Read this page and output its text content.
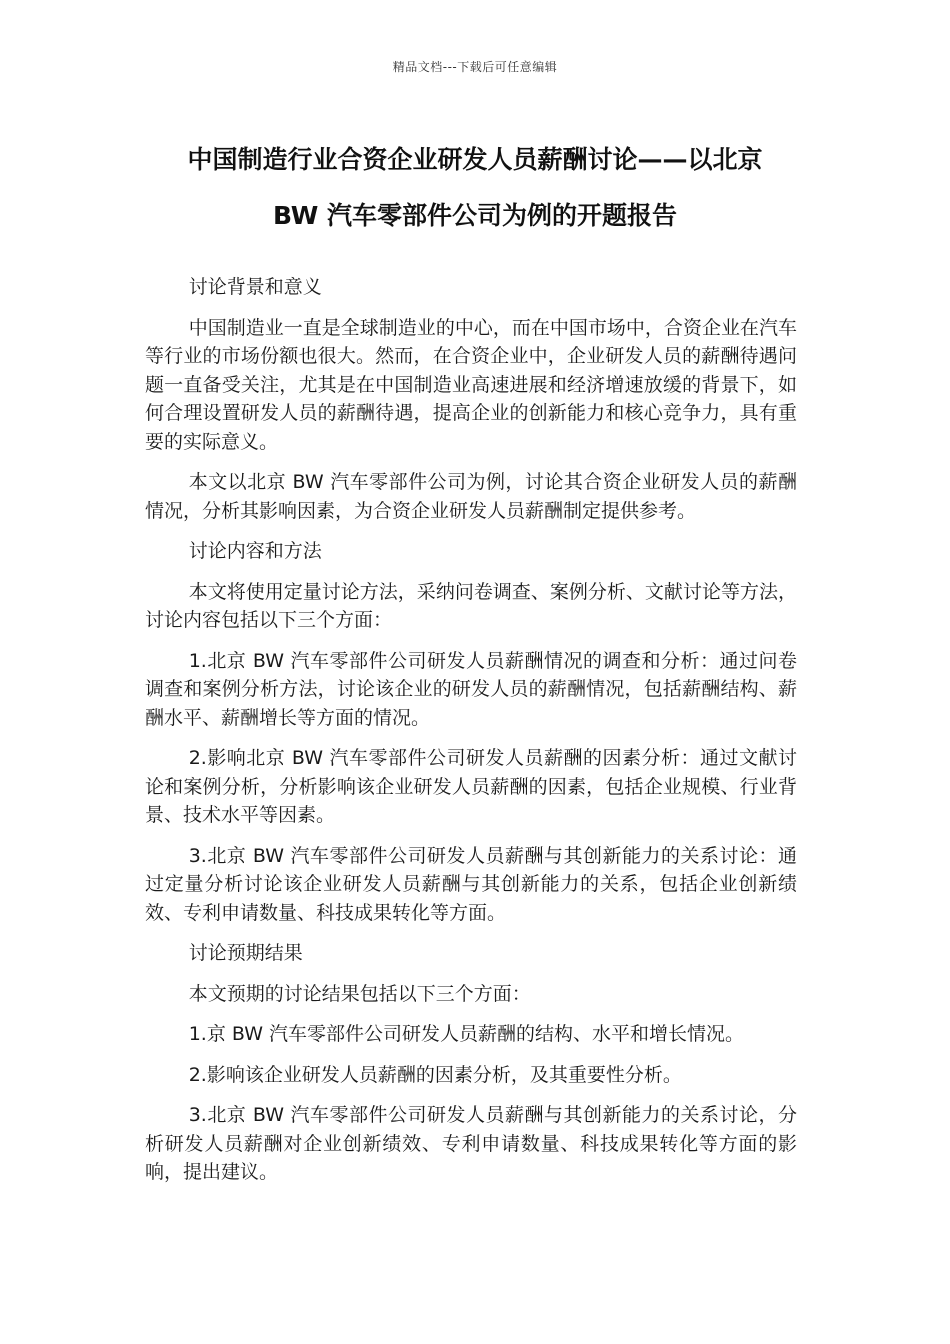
精品文档---下载后可任意编辑
中国制造行业合资企业研发人员薪酬讨论——以北京
BW 汽车零部件公司为例的开题报告

讨论背景和意义

中国制造业一直是全球制造业的中心，而在中国市场中，合资企业在汽车等行业的市场份额也很大。然而，在合资企业中，企业研发人员的薪酬待遇问题一直备受关注，尤其是在中国制造业高速进展和经济增速放缓的背景下，如何合理设置研发人员的薪酬待遇，提高企业的创新能力和核心竞争力，具有重要的实际意义。

本文以北京 BW 汽车零部件公司为例，讨论其合资企业研发人员的薪酬情况，分析其影响因素，为合资企业研发人员薪酬制定提供参考。

讨论内容和方法

本文将使用定量讨论方法，采纳问卷调查、案例分析、文献讨论等方法，讨论内容包括以下三个方面：

1.北京 BW 汽车零部件公司研发人员薪酬情况的调查和分析：通过问卷调查和案例分析方法，讨论该企业的研发人员的薪酬情况，包括薪酬结构、薪酬水平、薪酬增长等方面的情况。

2.影响北京 BW 汽车零部件公司研发人员薪酬的因素分析：通过文献讨论和案例分析，分析影响该企业研发人员薪酬的因素，包括企业规模、行业背景、技术水平等因素。

3.北京 BW 汽车零部件公司研发人员薪酬与其创新能力的关系讨论：通过定量分析讨论该企业研发人员薪酬与其创新能力的关系，包括企业创新绩效、专利申请数量、科技成果转化等方面。

讨论预期结果

本文预期的讨论结果包括以下三个方面：

1.京 BW 汽车零部件公司研发人员薪酬的结构、水平和增长情况。

2.影响该企业研发人员薪酬的因素分析，及其重要性分析。

3.北京 BW 汽车零部件公司研发人员薪酬与其创新能力的关系讨论，分析研发人员薪酬对企业创新绩效、专利申请数量、科技成果转化等方面的影响，提出建议。
